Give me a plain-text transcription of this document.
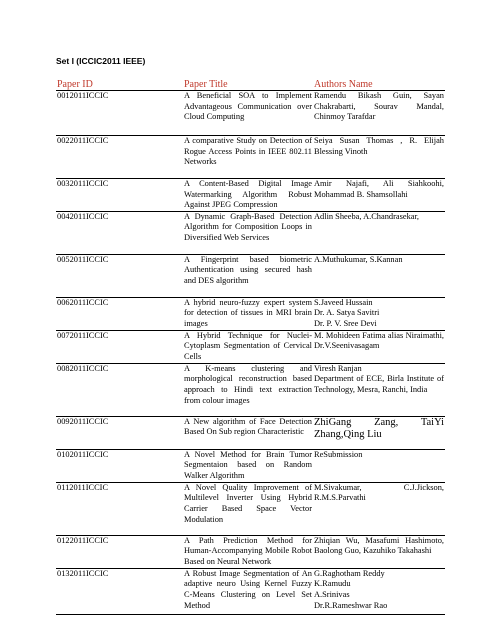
Set I (ICCIC2011 IEEE)
Paper ID	Paper Title	Authors Name
0012011ICCIC	A Beneficial SOA to Implement Advantageous Communication over Cloud Computing	Ramendu Bikash Guin, Sayan Chakrabarti, Sourav Mandal, Chinmoy Tarafdar

0022011ICCIC	A comparative Study on Detection of Rogue Access Points in IEEE 802.11 Networks	Seiya Susan Thomas , R. Elijah Blessing Vinoth

0032011ICCIC	A Content-Based Digital Image Watermarking Algorithm Robust Against JPEG Compression	Amir Najafi, Ali Siahkoohi, Mohammad B. Shamsollahi

0042011ICCIC	A Dynamic Graph-Based Detection Algorithm for Composition Loops in Diversified Web Services	Adlin Sheeba, A.Chandrasekar,

0052011ICCIC	A Fingerprint based biometric Authentication using secured hash and DES algorithm	A.Muthukumar, S.Kannan

0062011ICCIC	A hybrid neuro-fuzzy expert system for detection of tissues in MRI brain images	S.Javeed Hussain
Dr. A. Satya Savitri
Dr. P. V. Sree Devi

0072011ICCIC	A Hybrid Technique for Nuclei-Cytoplasm Segmentation of Cervical Cells	M. Mohideen Fatima alias Niraimathi, Dr.V.Seenivasagam

0082011ICCIC	A K-means clustering and morphological reconstruction based approach to Hindi text extraction from colour images	Viresh Ranjan
Department of ECE, Birla Institute of Technology, Mesra, Ranchi, India

0092011ICCIC	A New algorithm of Face Detection Based On Sub region Characteristic	ZhiGang Zang, TaiYi Zhang,Qing Liu

0102011ICCIC	A Novel Method for Brain Tumor Segmentaion based on Random Walker Algorithm	ReSubmission

0112011ICCIC	A Novel Quality Improvement of Multilevel Inverter Using Hybrid Carrier Based Space Vector Modulation	M.Sivakumar, C.J.Jickson, R.M.S.Parvathi

0122011ICCIC	A Path Prediction Method for Human-Accompanying Mobile Robot Based on Neural Network	Zhiqian Wu, Masafumi Hashimoto, Baolong Guo, Kazuhiko Takahashi

0132011ICCIC	A Robust Image Segmentation of An adaptive neuro Using Kernel Fuzzy C-Means Clustering on Level Set Method	G.Raghotham Reddy
K.Ramudu
A.Srinivas
Dr.R.Rameshwar Rao
